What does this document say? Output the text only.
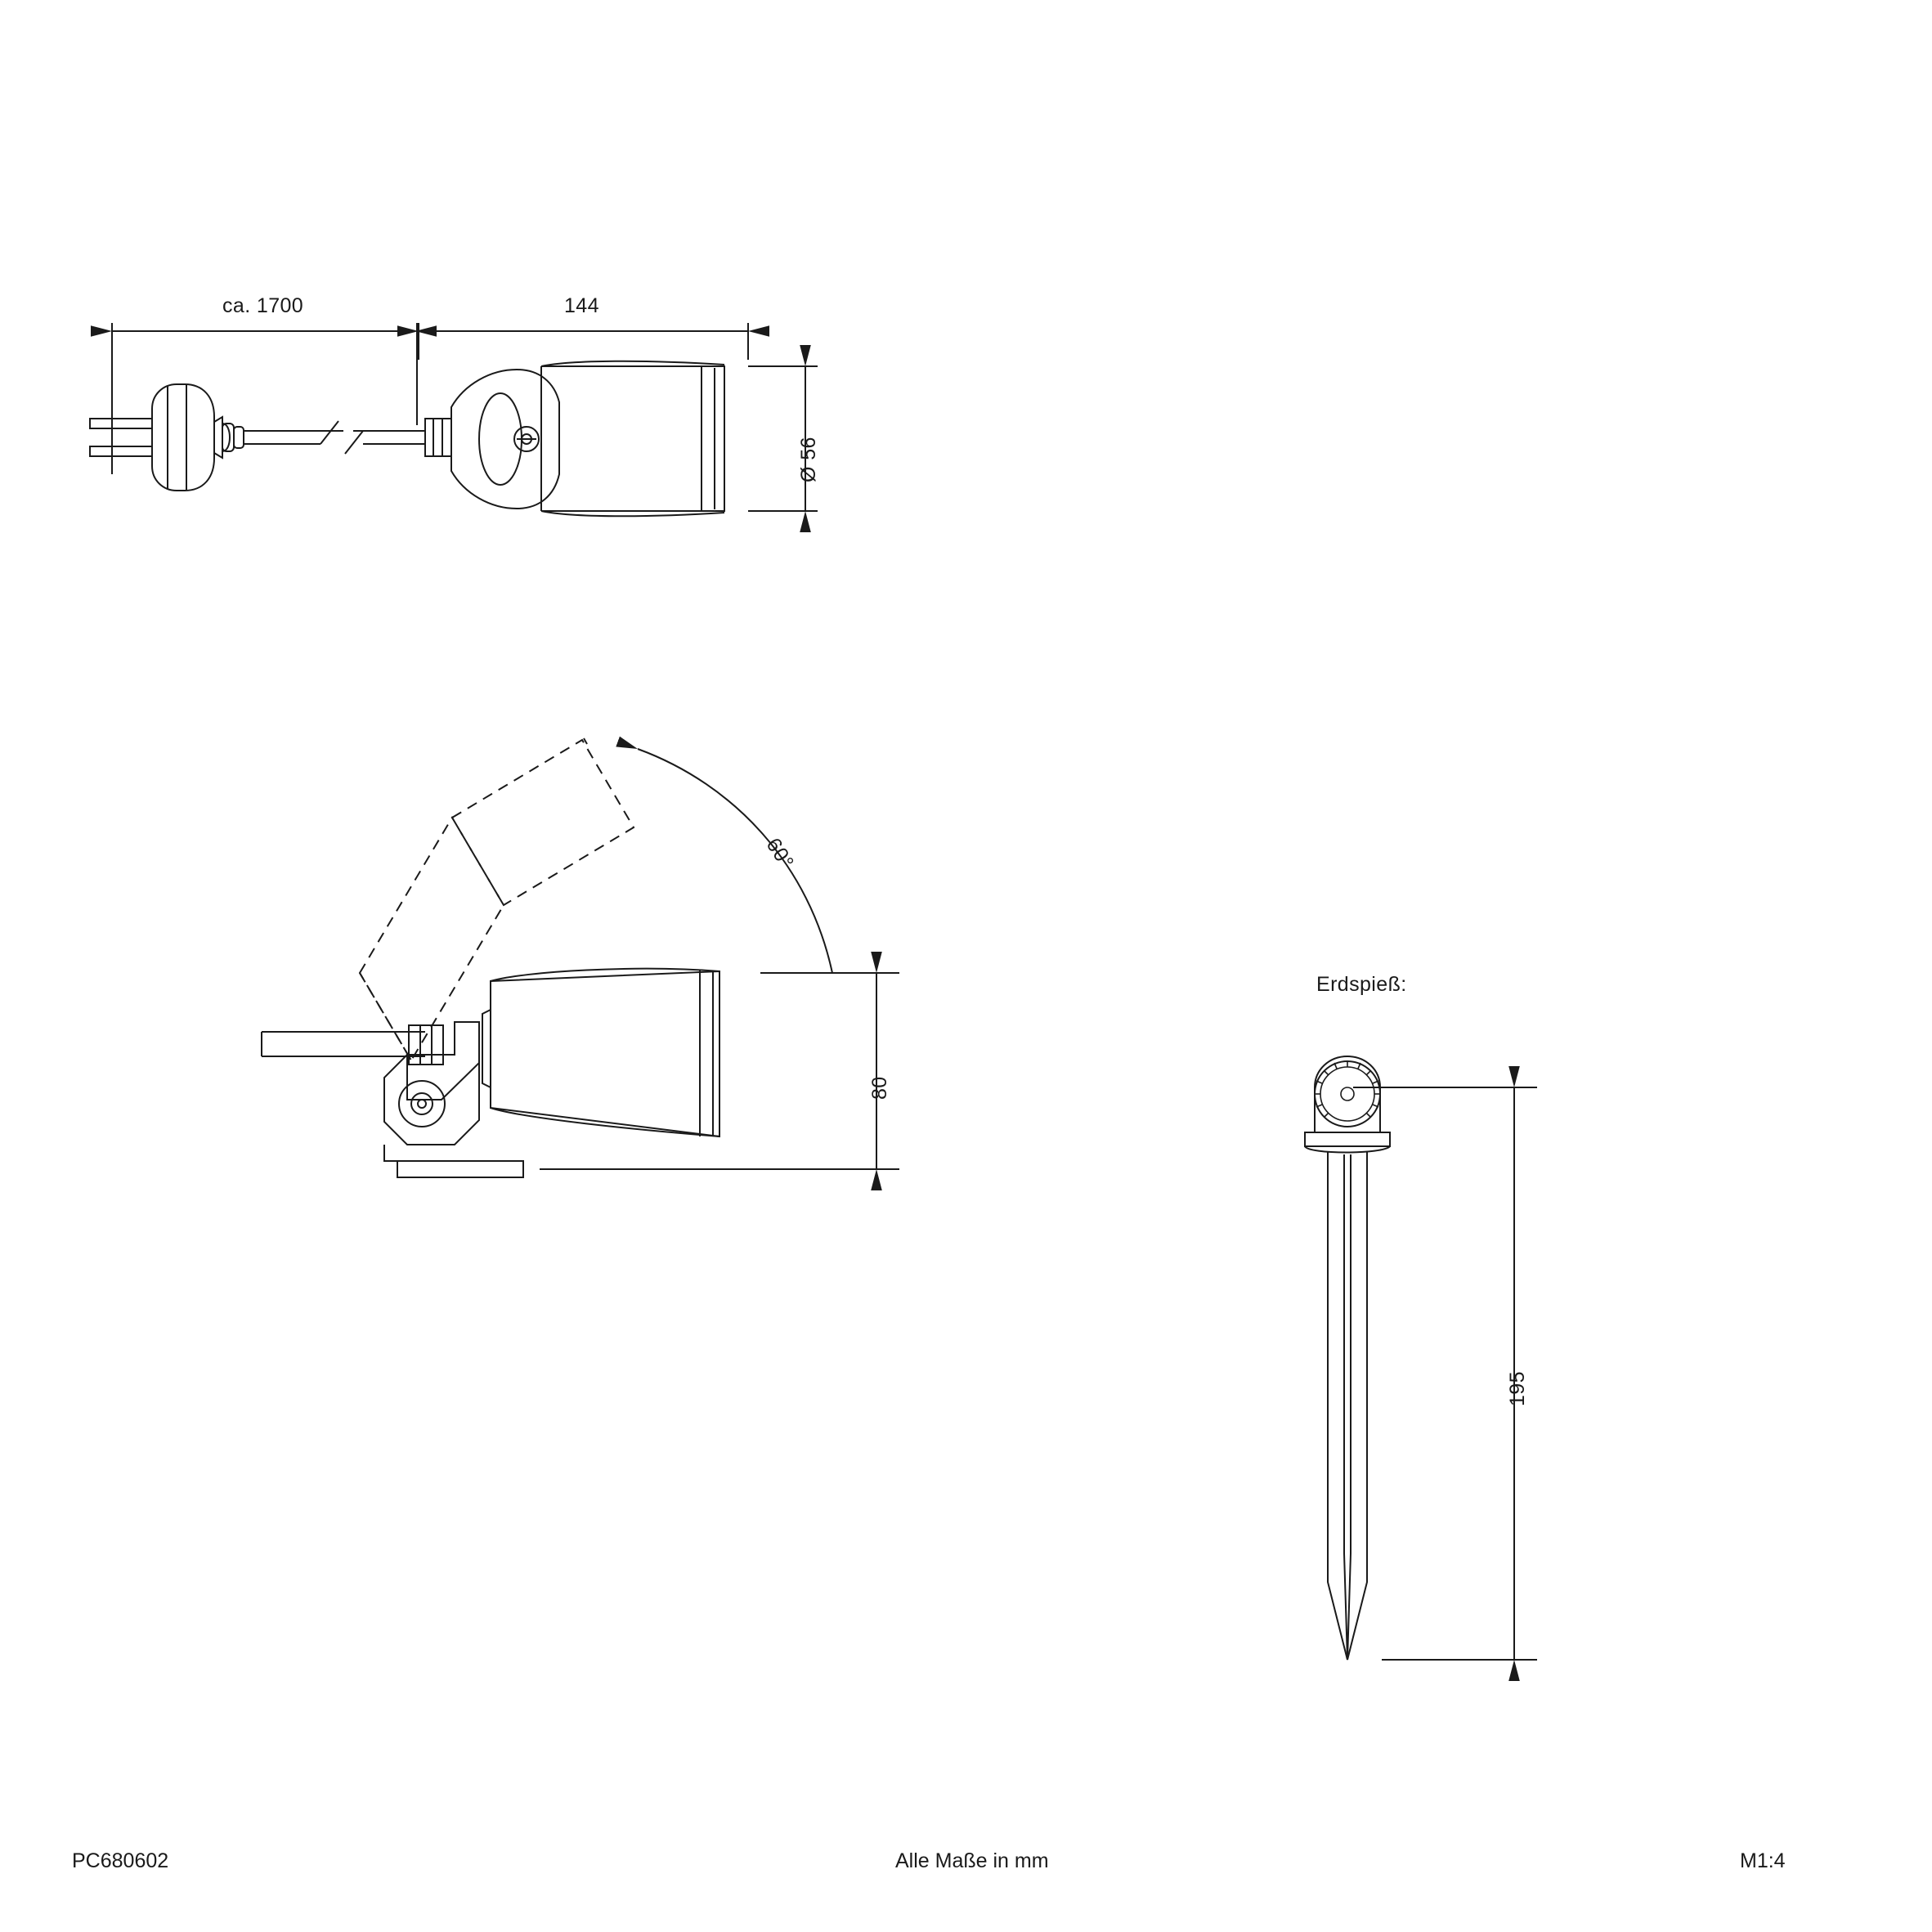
ca. 1700	144
Ø 56
60°
80
Erdspieß:
195
PC680602	Alle Maße in mm	M1:4
